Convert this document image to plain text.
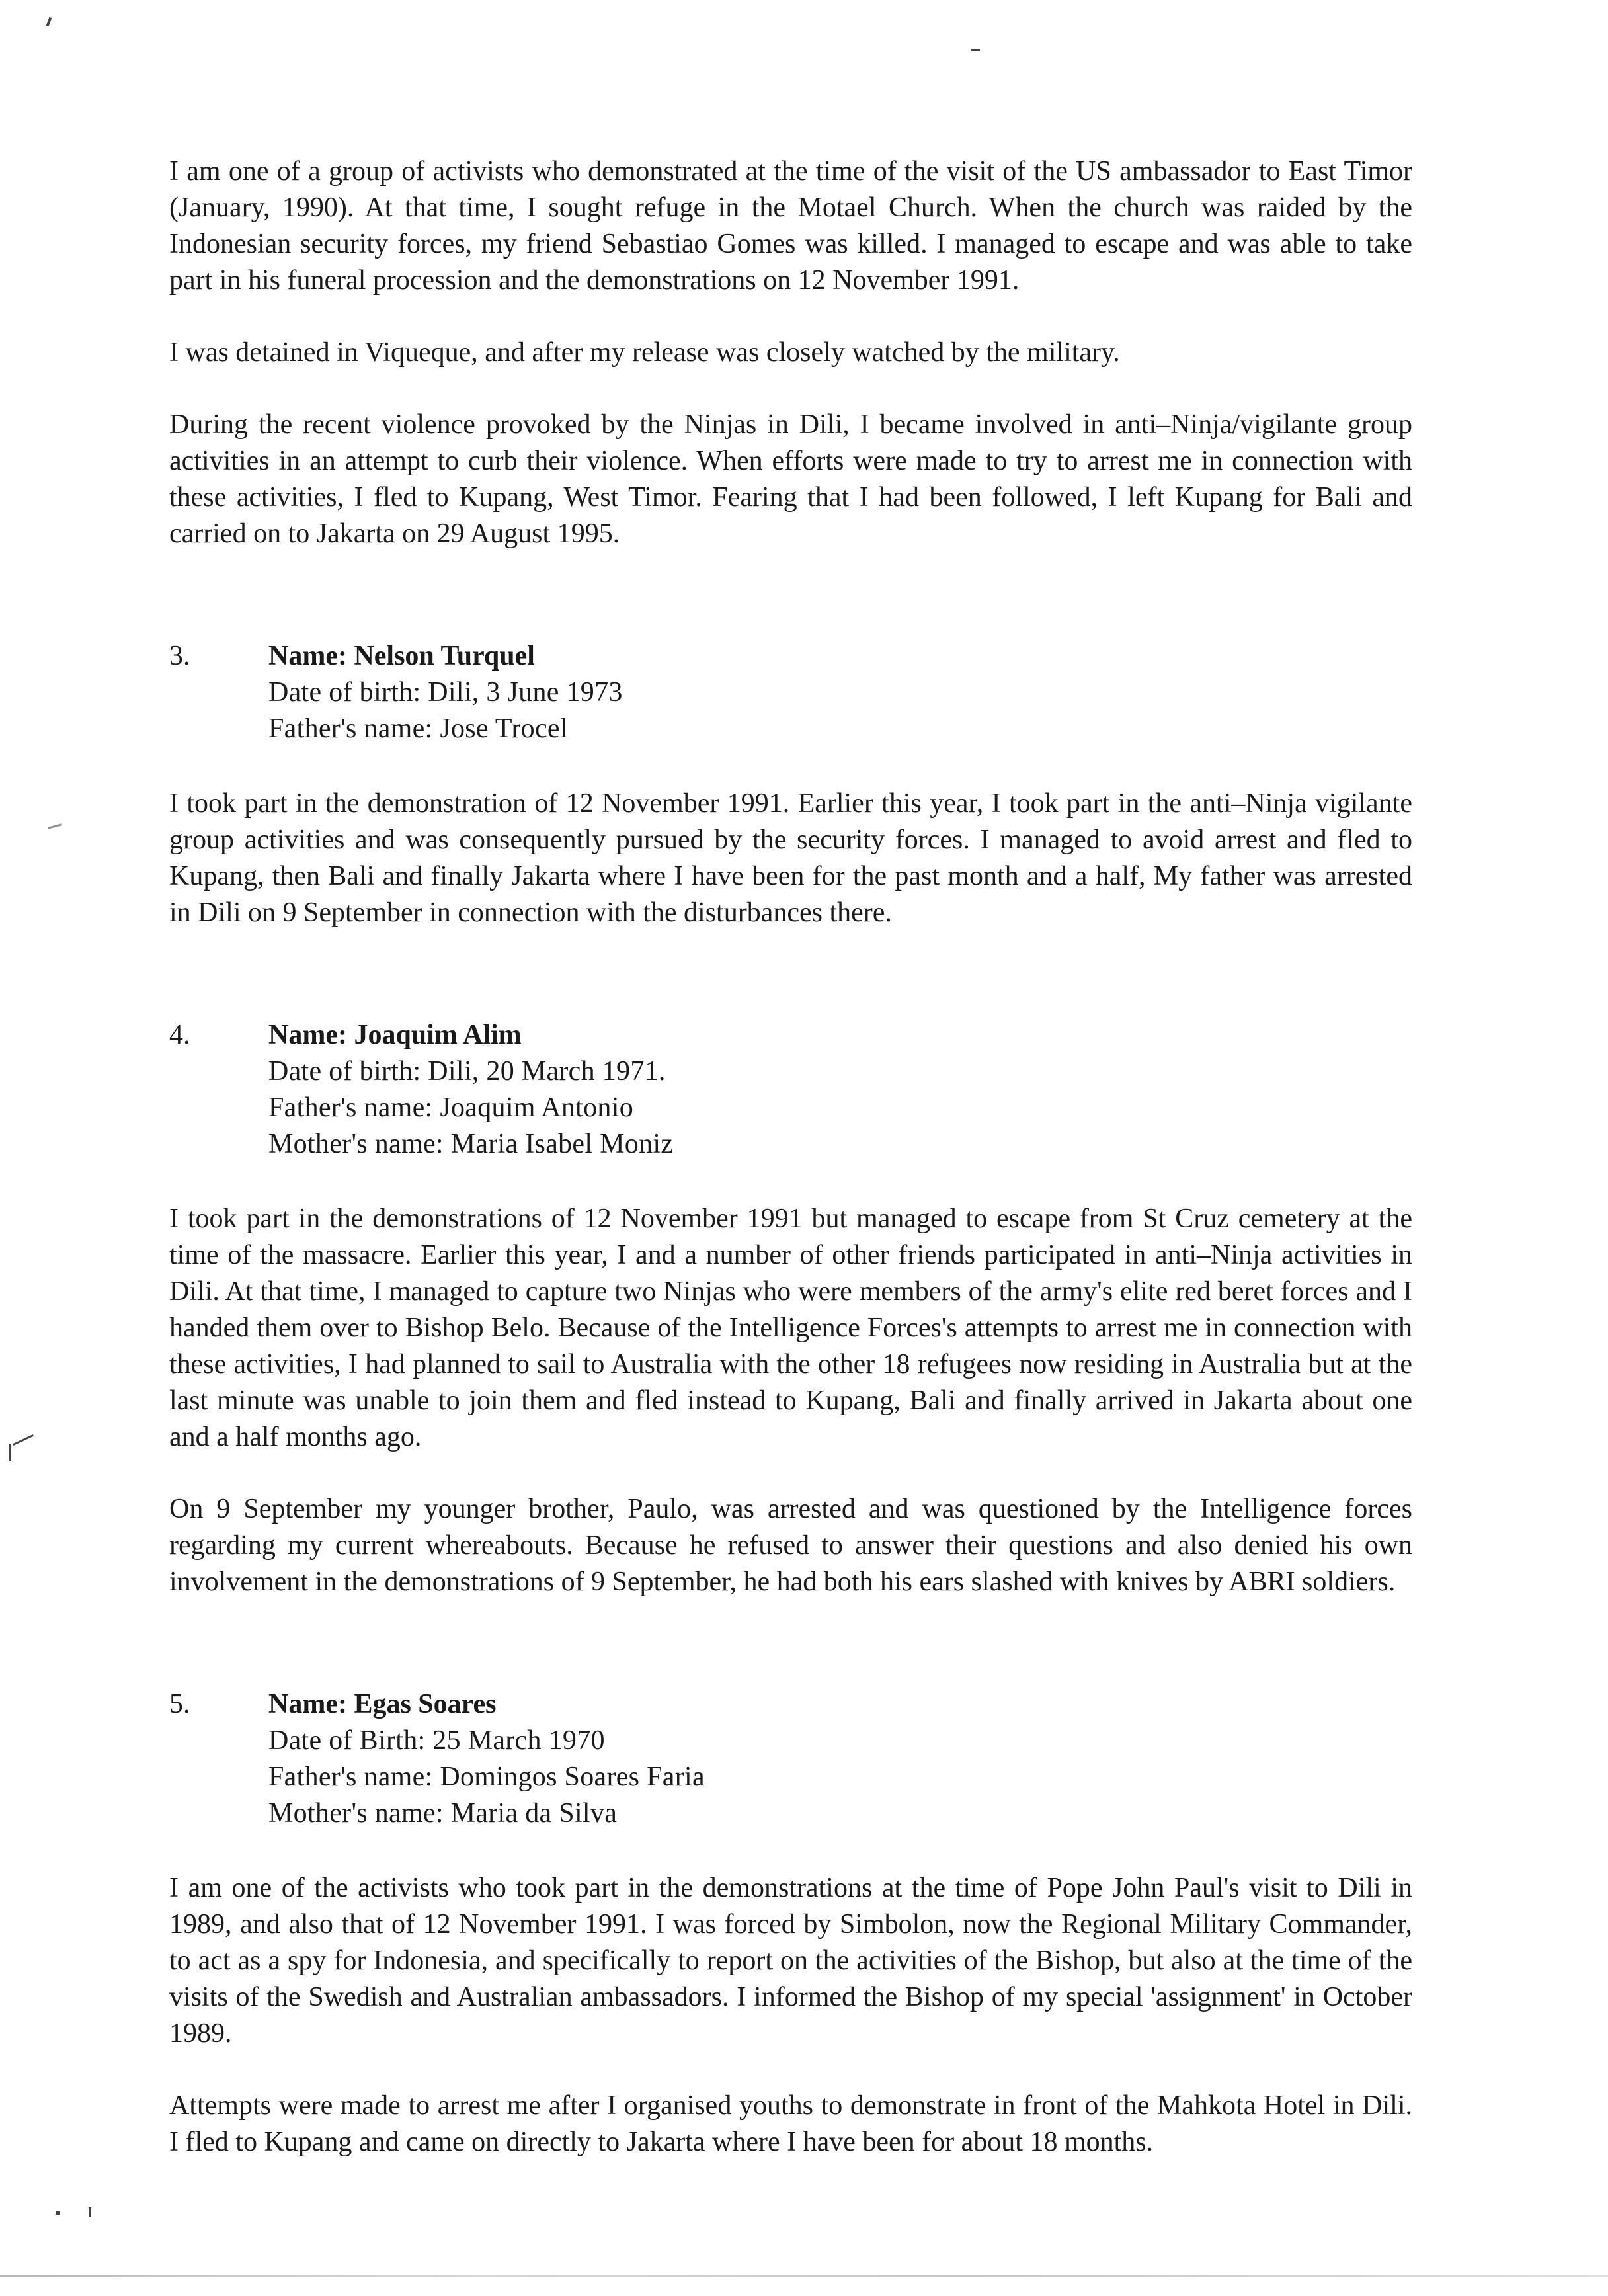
I am one of a group of activists who demonstrated at the time of the visit of the US ambassador to East Timor (January, 1990). At that time, I sought refuge in the Motael Church. When the church was raided by the Indonesian security forces, my friend Sebastiao Gomes was killed. I managed to escape and was able to take part in his funeral procession and the demonstrations on 12 November 1991.

I was detained in Viqueque, and after my release was closely watched by the military.

During the recent violence provoked by the Ninjas in Dili, I became involved in anti–Ninja/vigilante group activities in an attempt to curb their violence. When efforts were made to try to arrest me in connection with these activities, I fled to Kupang, West Timor. Fearing that I had been followed, I left Kupang for Bali and carried on to Jakarta on 29 August 1995.

3.	Name: Nelson Turquel
Date of birth: Dili, 3 June 1973
Father's name: Jose Trocel

I took part in the demonstration of 12 November 1991. Earlier this year, I took part in the anti–Ninja vigilante group activities and was consequently pursued by the security forces. I managed to avoid arrest and fled to Kupang, then Bali and finally Jakarta where I have been for the past month and a half, My father was arrested in Dili on 9 September in connection with the disturbances there.

4.	Name: Joaquim Alim
Date of birth: Dili, 20 March 1971.
Father's name: Joaquim Antonio
Mother's name: Maria Isabel Moniz

I took part in the demonstrations of 12 November 1991 but managed to escape from St Cruz cemetery at the time of the massacre. Earlier this year, I and a number of other friends participated in anti–Ninja activities in Dili. At that time, I managed to capture two Ninjas who were members of the army's elite red beret forces and I handed them over to Bishop Belo. Because of the Intelligence Forces's attempts to arrest me in connection with these activities, I had planned to sail to Australia with the other 18 refugees now residing in Australia but at the last minute was unable to join them and fled instead to Kupang, Bali and finally arrived in Jakarta about one and a half months ago.

On 9 September my younger brother, Paulo, was arrested and was questioned by the Intelligence forces regarding my current whereabouts. Because he refused to answer their questions and also denied his own involvement in the demonstrations of 9 September, he had both his ears slashed with knives by ABRI soldiers.

5.	Name: Egas Soares
Date of Birth: 25 March 1970
Father's name: Domingos Soares Faria
Mother's name: Maria da Silva

I am one of the activists who took part in the demonstrations at the time of Pope John Paul's visit to Dili in 1989, and also that of 12 November 1991. I was forced by Simbolon, now the Regional Military Commander, to act as a spy for Indonesia, and specifically to report on the activities of the Bishop, but also at the time of the visits of the Swedish and Australian ambassadors. I informed the Bishop of my special 'assignment' in October 1989.

Attempts were made to arrest me after I organised youths to demonstrate in front of the Mahkota Hotel in Dili. I fled to Kupang and came on directly to Jakarta where I have been for about 18 months.
